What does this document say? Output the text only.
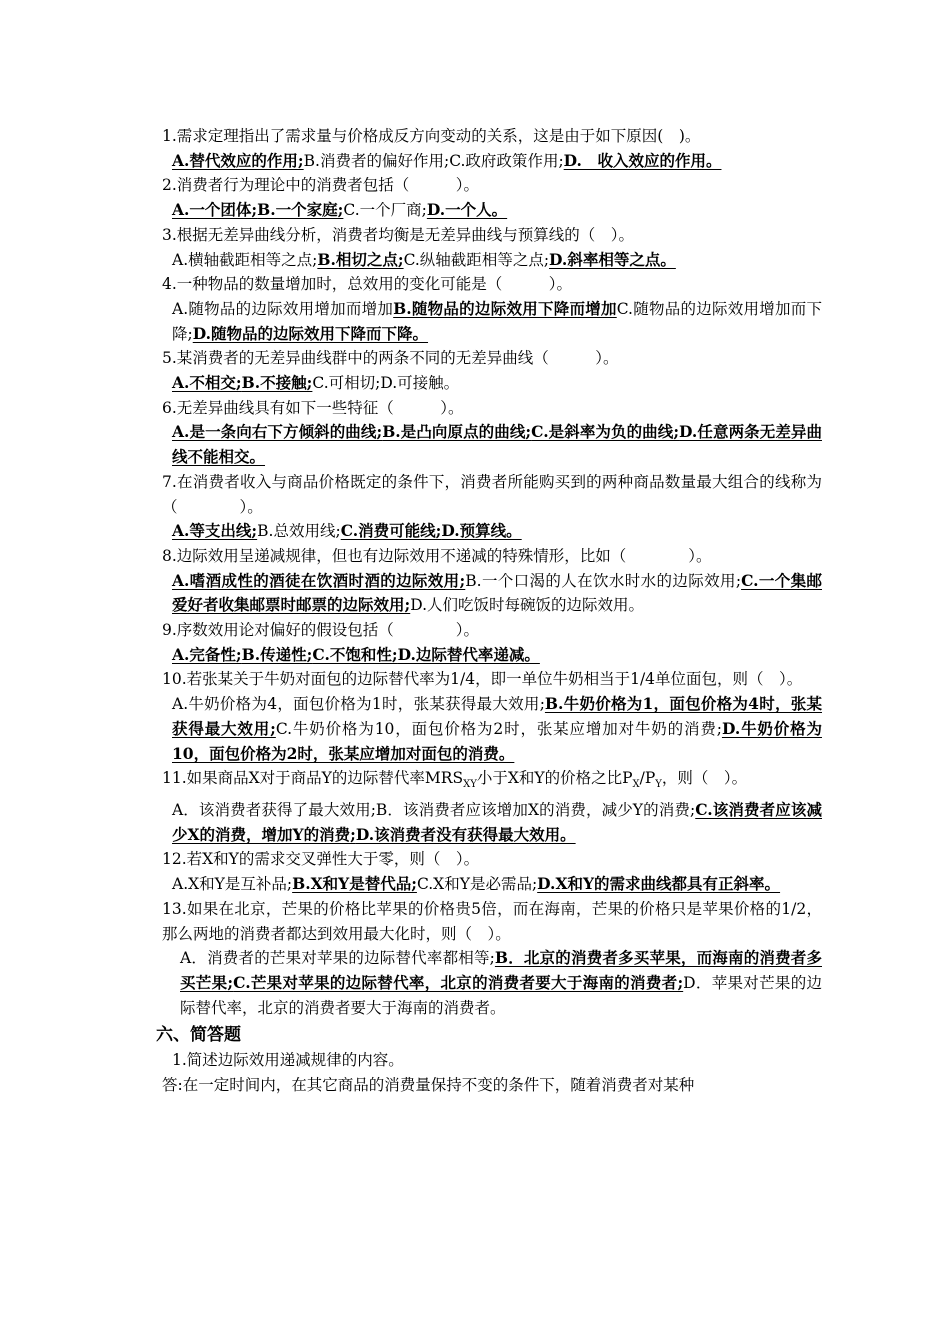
1.需求定理指出了需求量与价格成反方向变动的关系，这是由于如下原因(　)。

A.替代效应的作用;B.消费者的偏好作用;C.政府政策作用;D.　收入效应的作用。

2.消费者行为理论中的消费者包括（　　　）。

A.一个团体;B.一个家庭;C.一个厂商;D.一个人。

3.根据无差异曲线分析，消费者均衡是无差异曲线与预算线的（　）。

A.横轴截距相等之点;B.相切之点;C.纵轴截距相等之点;D.斜率相等之点。

4.一种物品的数量增加时，总效用的变化可能是（　　　）。

A.随物品的边际效用增加而增加B.随物品的边际效用下降而增加C.随物品的边际效用增加而下降;D.随物品的边际效用下降而下降。

5.某消费者的无差异曲线群中的两条不同的无差异曲线（　　　）。

A.不相交;B.不接触;C.可相切;D.可接触。

6.无差异曲线具有如下一些特征（　　　）。

A.是一条向右下方倾斜的曲线;B.是凸向原点的曲线;C.是斜率为负的曲线;D.任意两条无差异曲线不能相交。

7.在消费者收入与商品价格既定的条件下，消费者所能购买到的两种商品数量最大组合的线称为（　　　　）。

A.等支出线;B.总效用线;C.消费可能线;D.预算线。

8.边际效用呈递减规律，但也有边际效用不递减的特殊情形，比如（　　　　）。

A.嗜酒成性的酒徒在饮酒时酒的边际效用;B.一个口渴的人在饮水时水的边际效用;C.一个集邮爱好者收集邮票时邮票的边际效用;D.人们吃饭时每碗饭的边际效用。

9.序数效用论对偏好的假设包括（　　　　）。

A.完备性;B.传递性;C.不饱和性;D.边际替代率递减。

10.若张某关于牛奶对面包的边际替代率为1/4，即一单位牛奶相当于1/4单位面包，则（　）。

A.牛奶价格为4，面包价格为1时，张某获得最大效用;B.牛奶价格为1，面包价格为4时，张某获得最大效用;C.牛奶价格为10，面包价格为2时，张某应增加对牛奶的消费;D.牛奶价格为10，面包价格为2时，张某应增加对面包的消费。

11.如果商品X对于商品Y的边际替代率$MRS_{XY}$小于X和Y的价格之比$P_X/P_Y$，则（　）。

A．该消费者获得了最大效用;B．该消费者应该增加X的消费，减少Y的消费;C.该消费者应该减少X的消费，增加Y的消费;D.该消费者没有获得最大效用。

12.若X和Y的需求交叉弹性大于零，则（　）。

A.X和Y是互补品;B.X和Y是替代品;C.X和Y是必需品;D.X和Y的需求曲线都具有正斜率。

13.如果在北京，芒果的价格比苹果的价格贵5倍，而在海南，芒果的价格只是苹果价格的1/2，那么两地的消费者都达到效用最大化时，则（　）。

A．消费者的芒果对苹果的边际替代率都相等;B．北京的消费者多买苹果，而海南的消费者多买芒果;C.芒果对苹果的边际替代率，北京的消费者要大于海南的消费者;D．苹果对芒果的边际替代率，北京的消费者要大于海南的消费者。

六、简答题

1.简述边际效用递减规律的内容。

答:在一定时间内，在其它商品的消费量保持不变的条件下，随着消费者对某种
